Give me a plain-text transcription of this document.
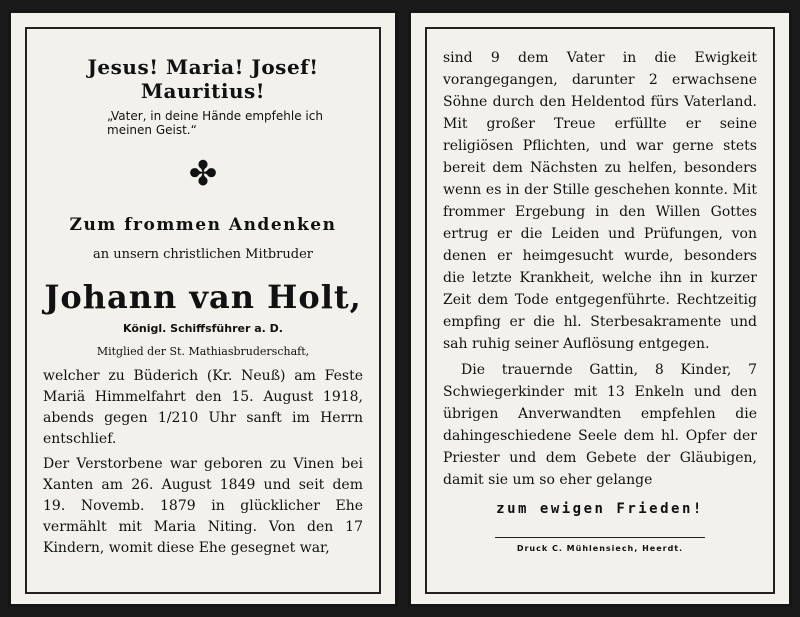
Jesus! Maria! Josef! Mauritius!
„Vater, in deine Hände empfehle ich meinen Geist.“
✤
Zum frommen Andenken
an unsern christlichen Mitbruder
Johann van Holt,
Königl. Schiffsführer a. D.
Mitglied der St. Mathiasbruderschaft,

welcher zu Büderich (Kr. Neuß) am Feste Mariä Himmelfahrt den 15. August 1918, abends gegen 1/210 Uhr sanft im Herrn entschlief.

Der Verstorbene war geboren zu Vinen bei Xanten am 26. August 1849 und seit dem 19. Novemb. 1879 in glücklicher Ehe vermählt mit Maria Niting. Von den 17 Kindern, womit diese Ehe gesegnet war,

sind 9 dem Vater in die Ewigkeit vorangegangen, darunter 2 erwachsene Söhne durch den Heldentod fürs Vaterland. Mit großer Treue erfüllte er seine religiösen Pflichten, und war gerne stets bereit dem Nächsten zu helfen, besonders wenn es in der Stille geschehen konnte. Mit frommer Ergebung in den Willen Gottes ertrug er die Leiden und Prüfungen, von denen er heimgesucht wurde, besonders die letzte Krankheit, welche ihn in kurzer Zeit dem Tode entgegenführte. Rechtzeitig empfing er die hl. Sterbesakramente und sah ruhig seiner Auflösung entgegen.

Die trauernde Gattin, 8 Kinder, 7 Schwiegerkinder mit 13 Enkeln und den übrigen Anverwandten empfehlen die dahingeschiedene Seele dem hl. Opfer der Priester und dem Gebete der Gläubigen, damit sie um so eher gelange

zum ewigen Frieden!
Druck C. Mühlensiech, Heerdt.
